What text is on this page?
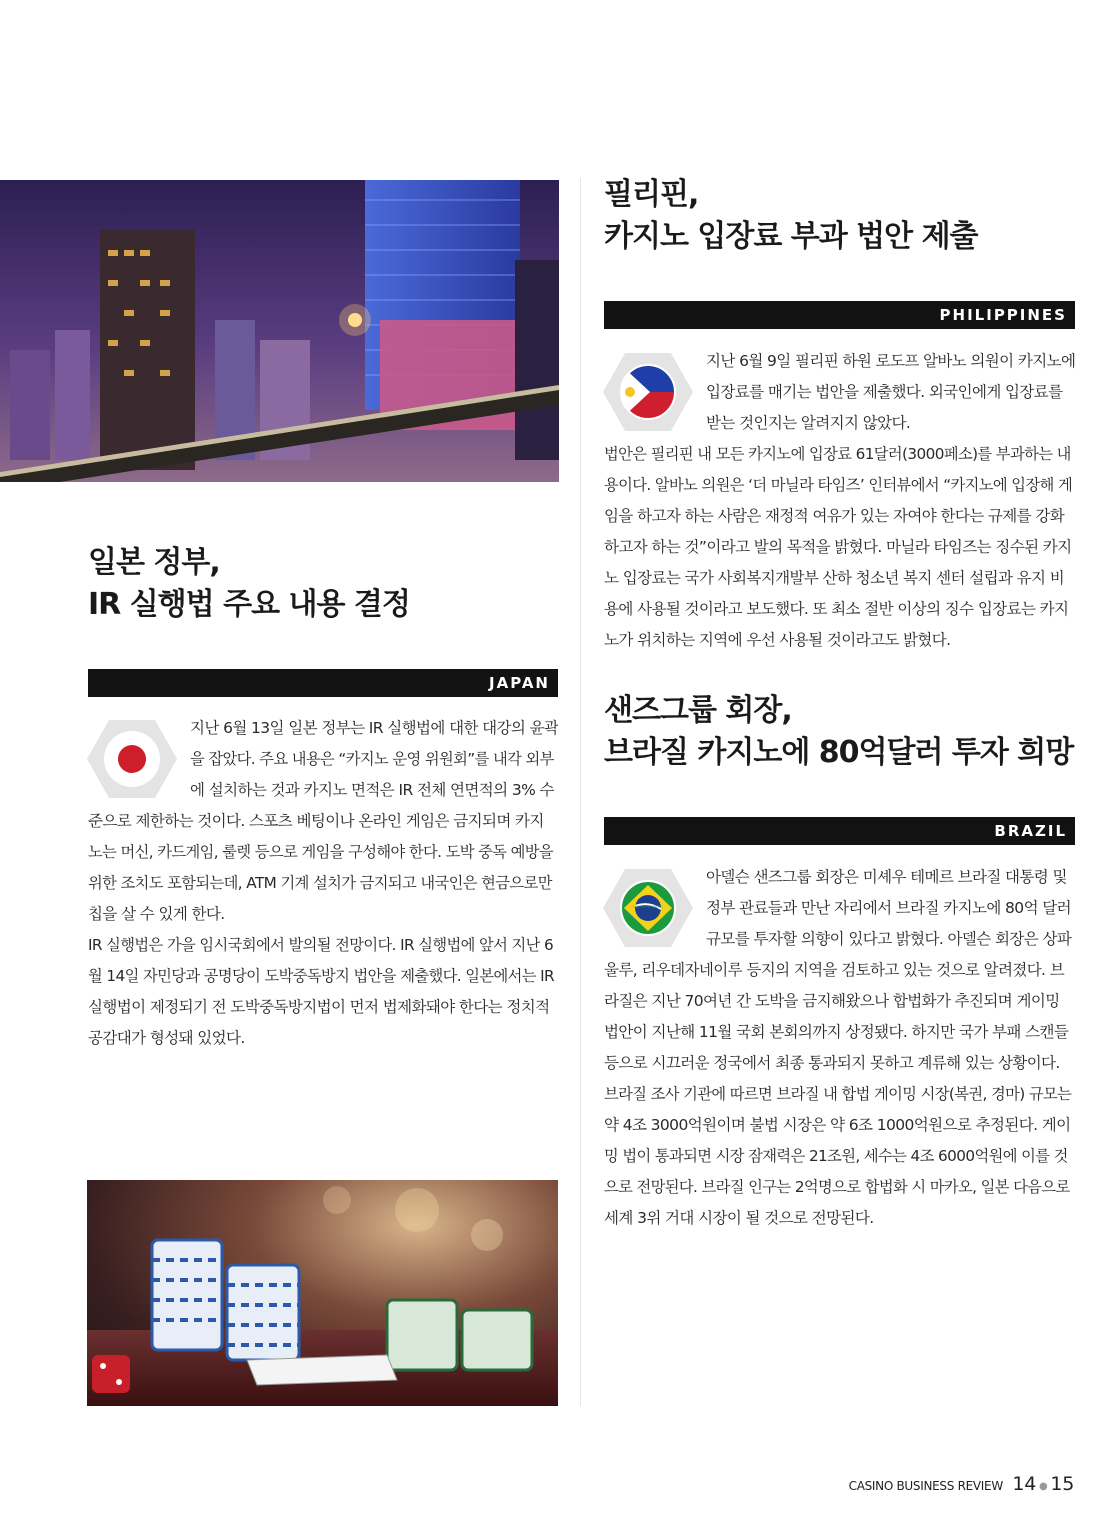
일본 정부,
IR 실행법 주요 내용 결정
JAPAN
지난 6월 13일 일본 정부는 IR 실행법에 대한 대강의 윤곽
을 잡았다. 주요 내용은 “카지노 운영 위원회”를 내각 외부
에 설치하는 것과 카지노 면적은 IR 전체 연면적의 3% 수
준으로 제한하는 것이다. 스포츠 베팅이나 온라인 게임은 금지되며 카지
노는 머신, 카드게임, 룰렛 등으로 게임을 구성해야 한다. 도박 중독 예방을
위한 조치도 포함되는데, ATM 기계 설치가 금지되고 내국인은 현금으로만
칩을 살 수 있게 한다.
IR 실행법은 가을 임시국회에서 발의될 전망이다. IR 실행법에 앞서 지난 6
월 14일 자민당과 공명당이 도박중독방지 법안을 제출했다. 일본에서는 IR
실행법이 제정되기 전 도박중독방지법이 먼저 법제화돼야 한다는 정치적
공감대가 형성돼 있었다.
필리핀,
카지노 입장료 부과 법안 제출
PHILIPPINES
지난 6월 9일 필리핀 하원 로도프 알바노 의원이 카지노에
입장료를 매기는 법안을 제출했다. 외국인에게 입장료를
받는 것인지는 알려지지 않았다.
법안은 필리핀 내 모든 카지노에 입장료 61달러(3000페소)를 부과하는 내
용이다. 알바노 의원은 ‘더 마닐라 타임즈’ 인터뷰에서 “카지노에 입장해 게
임을 하고자 하는 사람은 재정적 여유가 있는 자여야 한다는 규제를 강화
하고자 하는 것”이라고 발의 목적을 밝혔다. 마닐라 타임즈는 징수된 카지
노 입장료는 국가 사회복지개발부 산하 청소년 복지 센터 설립과 유지 비
용에 사용될 것이라고 보도했다. 또 최소 절반 이상의 징수 입장료는 카지
노가 위치하는 지역에 우선 사용될 것이라고도 밝혔다.
샌즈그룹 회장,
브라질 카지노에 80억달러 투자 희망
BRAZIL
ORDEM E PROGRESSO
아델슨 샌즈그룹 회장은 미셰우 테메르 브라질 대통령 및
정부 관료들과 만난 자리에서 브라질 카지노에 80억 달러
규모를 투자할 의향이 있다고 밝혔다. 아델슨 회장은 상파
울루, 리우데자네이루 등지의 지역을 검토하고 있는 것으로 알려졌다. 브
라질은 지난 70여년 간 도박을 금지해왔으나 합법화가 추진되며 게이밍
법안이 지난해 11월 국회 본회의까지 상정됐다. 하지만 국가 부패 스캔들
등으로 시끄러운 정국에서 최종 통과되지 못하고 계류해 있는 상황이다.
브라질 조사 기관에 따르면 브라질 내 합법 게이밍 시장(복권, 경마) 규모는
약 4조 3000억원이며 불법 시장은 약 6조 1000억원으로 추정된다. 게이
밍 법이 통과되면 시장 잠재력은 21조원, 세수는 4조 6000억원에 이를 것
으로 전망된다. 브라질 인구는 2억명으로 합법화 시 마카오, 일본 다음으로
세계 3위 거대 시장이 될 것으로 전망된다.
CASINO BUSINESS REVIEW 14 ● 15
